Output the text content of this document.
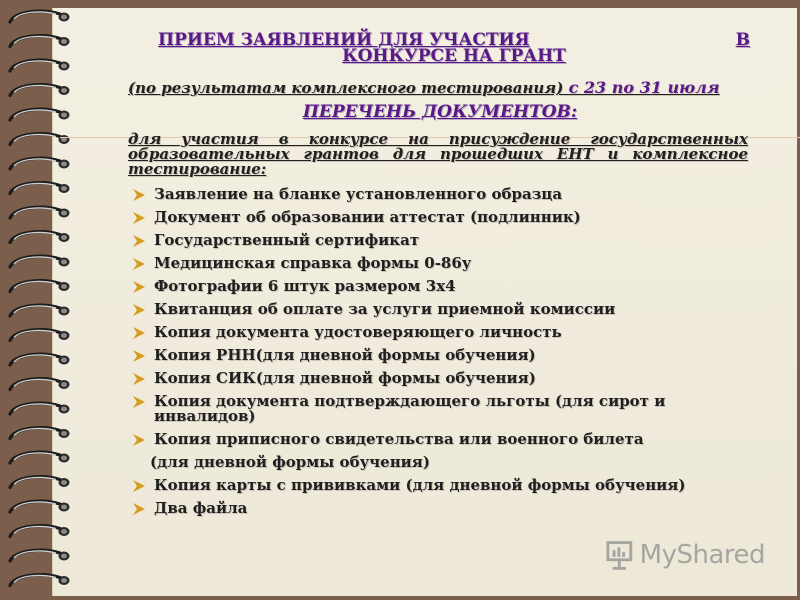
ПРИЕМ ЗАЯВЛЕНИЙ ДЛЯ УЧАСТИЯ	В
КОНКУРСЕ НА ГРАНТ
(по результатам комплексного тестирования) с 23 по 31 июля
ПЕРЕЧЕНЬ ДОКУМЕНТОВ:
для участия в конкурсе на присуждение государственных образовательных грантов для прошедших ЕНТ и комплексное тестирование:
Заявление на бланке установленного образца
Документ об образовании аттестат (подлинник)
Государственный сертификат
Медицинская справка формы 0-86у
Фотографии 6 штук размером 3х4
Квитанция об оплате за услуги приемной комиссии
Копия документа удостоверяющего личность
Копия РНН(для дневной формы обучения)
Копия СИК(для дневной формы обучения)
Копия документа подтверждающего льготы (для сирот и инвалидов)
Копия приписного свидетельства или военного билета
(для дневной формы обучения)
Копия карты с прививками (для дневной формы обучения)
Два файла
MyShared
